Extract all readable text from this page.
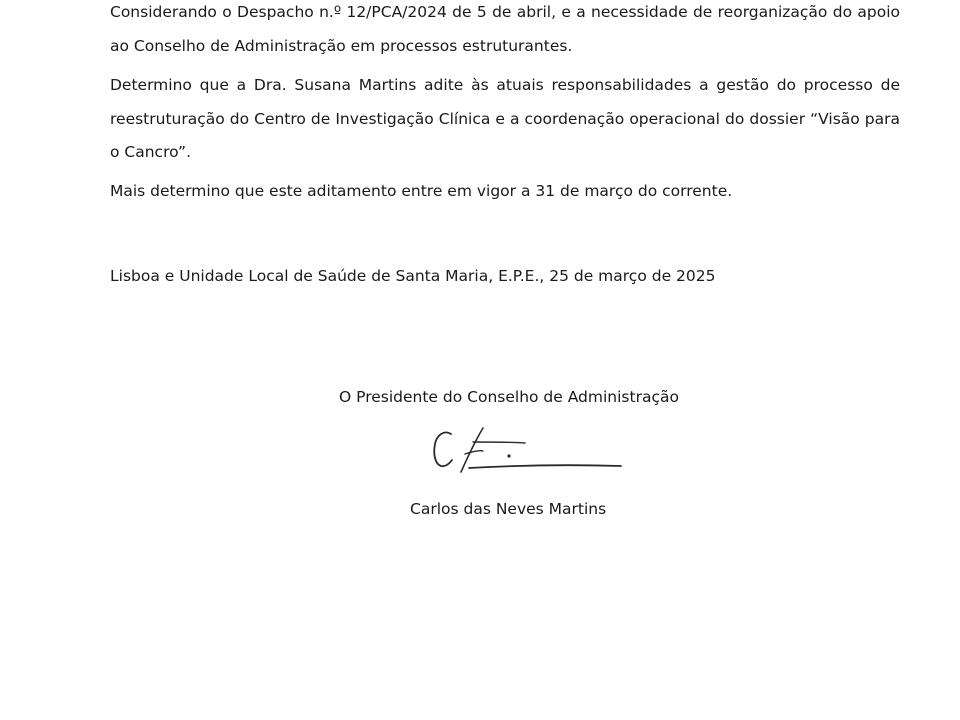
Considerando o Despacho n.º 12/PCA/2024 de 5 de abril, e a necessidade de reorganização do apoio ao Conselho de Administração em processos estruturantes.

Determino que a Dra. Susana Martins adite às atuais responsabilidades a gestão do processo de reestruturação do Centro de Investigação Clínica e a coordenação operacional do dossier “Visão para o Cancro”.

Mais determino que este aditamento entre em vigor a 31 de março do corrente.

Lisboa e Unidade Local de Saúde de Santa Maria, E.P.E., 25 de março de 2025

O Presidente do Conselho de Administração

Carlos das Neves Martins
